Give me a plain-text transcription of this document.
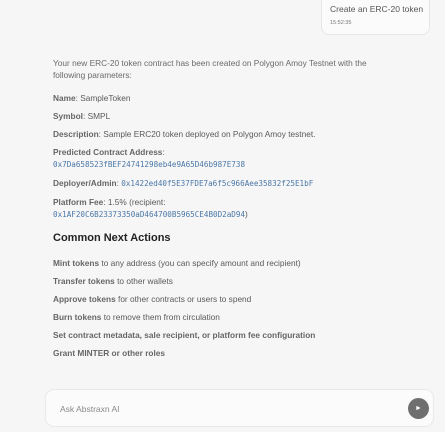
Create an ERC-20 token
15:52:35

Your new ERC-20 token contract has been created on Polygon Amoy Testnet with the following parameters:

Name: SampleToken

Symbol: SMPL

Description: Sample ERC20 token deployed on Polygon Amoy testnet.

Predicted Contract Address:
0x7Da658523fBEF24741298eb4e9A65D46b987E738

Deployer/Admin: 0x1422ed40f5E37FDE7a6f5c966Aee35832f25E1bF

Platform Fee: 1.5% (recipient:
0x1AF20C6B23373350aD464700B5965CE4B0D2aD94)

Common Next Actions

Mint tokens to any address (you can specify amount and recipient)

Transfer tokens to other wallets

Approve tokens for other contracts or users to spend

Burn tokens to remove them from circulation

Set contract metadata, sale recipient, or platform fee configuration

Grant MINTER or other roles

Ask Abstraxn AI
►
